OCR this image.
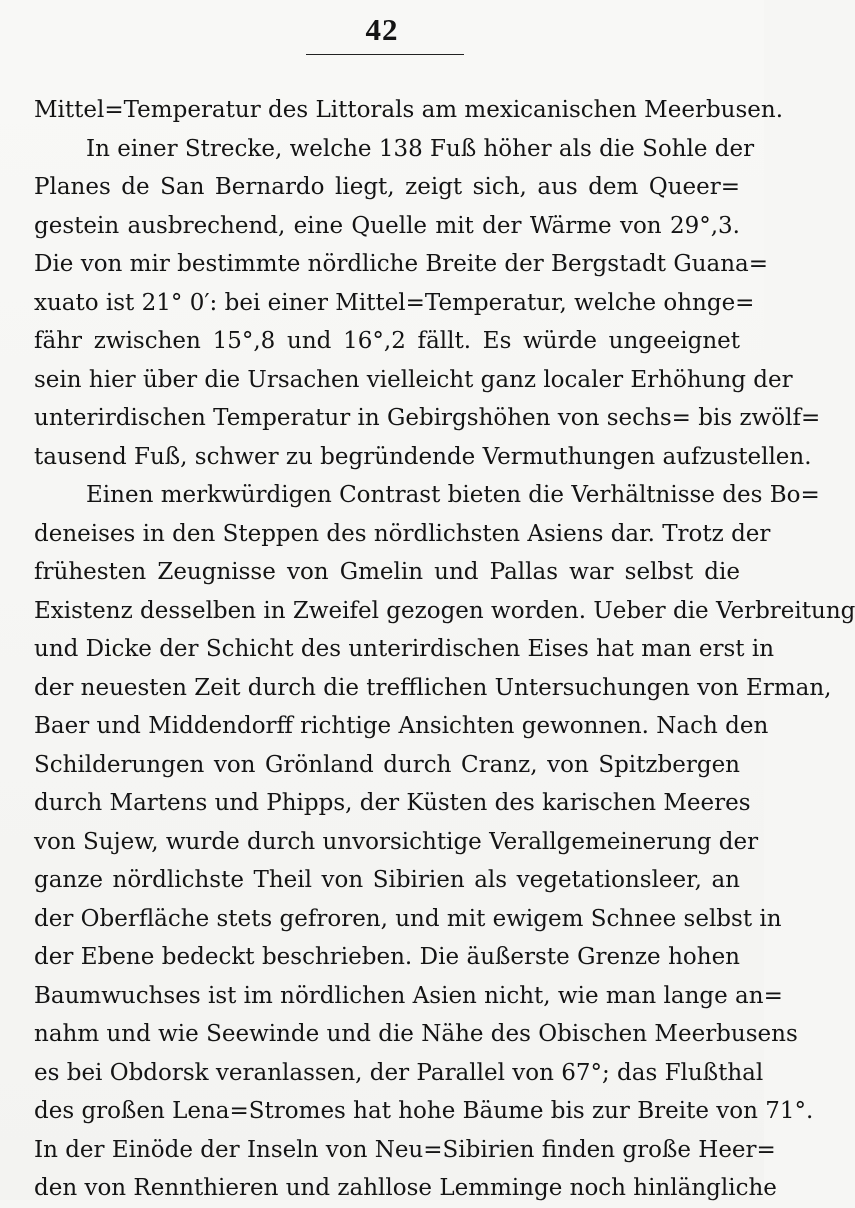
42
Mittel=Temperatur des Littorals am mexicanischen Meerbusen.
In einer Strecke, welche 138 Fuß höher als die Sohle der
Planes de San Bernardo liegt, zeigt sich, aus dem Queer=
gestein ausbrechend, eine Quelle mit der Wärme von 29°,3.
Die von mir bestimmte nördliche Breite der Bergstadt Guana=
xuato ist 21° 0′: bei einer Mittel=Temperatur, welche ohnge=
fähr zwischen 15°,8 und 16°,2 fällt. Es würde ungeeignet
sein hier über die Ursachen vielleicht ganz localer Erhöhung der
unterirdischen Temperatur in Gebirgshöhen von sechs= bis zwölf=
tausend Fuß, schwer zu begründende Vermuthungen aufzustellen.
Einen merkwürdigen Contrast bieten die Verhältnisse des Bo=
deneises in den Steppen des nördlichsten Asiens dar. Trotz der
frühesten Zeugnisse von Gmelin und Pallas war selbst die
Existenz desselben in Zweifel gezogen worden. Ueber die Verbreitung
und Dicke der Schicht des unterirdischen Eises hat man erst in
der neuesten Zeit durch die trefflichen Untersuchungen von Erman,
Baer und Middendorff richtige Ansichten gewonnen. Nach den
Schilderungen von Grönland durch Cranz, von Spitzbergen
durch Martens und Phipps, der Küsten des karischen Meeres
von Sujew, wurde durch unvorsichtige Verallgemeinerung der
ganze nördlichste Theil von Sibirien als vegetationsleer, an
der Oberfläche stets gefroren, und mit ewigem Schnee selbst in
der Ebene bedeckt beschrieben. Die äußerste Grenze hohen
Baumwuchses ist im nördlichen Asien nicht, wie man lange an=
nahm und wie Seewinde und die Nähe des Obischen Meerbusens
es bei Obdorsk veranlassen, der Parallel von 67°; das Flußthal
des großen Lena=Stromes hat hohe Bäume bis zur Breite von 71°.
In der Einöde der Inseln von Neu=Sibirien finden große Heer=
den von Rennthieren und zahllose Lemminge noch hinlängliche
